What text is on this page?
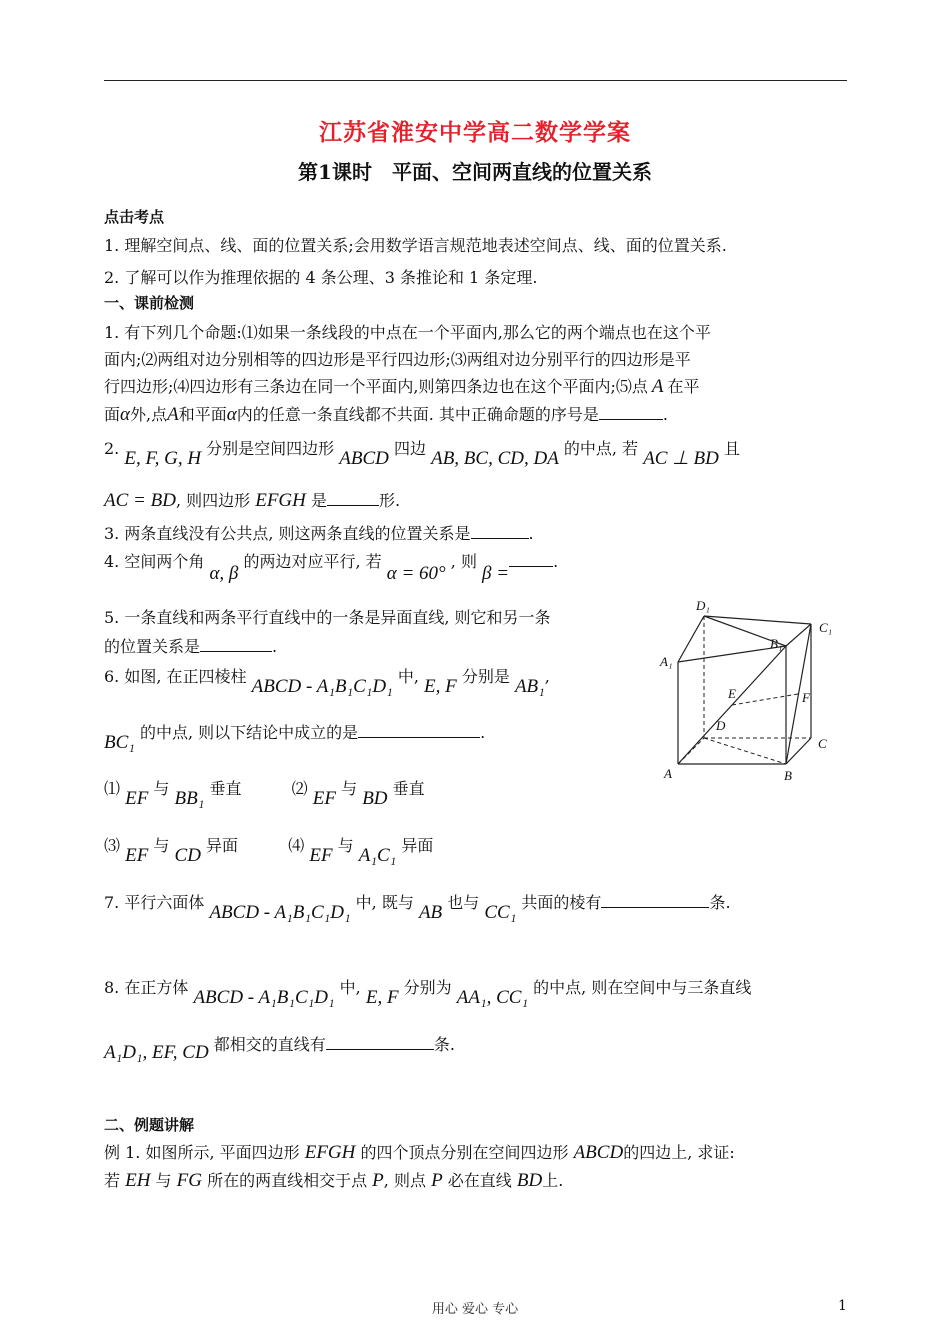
江苏省淮安中学高二数学学案
第1课时　平面、空间两直线的位置关系
点击考点
1. 理解空间点、线、面的位置关系;会用数学语言规范地表述空间点、线、面的位置关系.
2. 了解可以作为推理依据的 4 条公理、3 条推论和 1 条定理.
一、课前检测
1. 有下列几个命题:⑴如果一条线段的中点在一个平面内,那么它的两个端点也在这个平
面内;⑵两组对边分别相等的四边形是平行四边形;⑶两组对边分别平行的四边形是平
行四边形;⑷四边形有三条边在同一个平面内,则第四条边也在这个平面内;⑸点 A 在平
面α外,点A和平面α内的任意一条直线都不共面. 其中正确命题的序号是	.
2. E, F, G, H 分别是空间四边形 ABCD 四边 AB, BC, CD, DA 的中点, 若 AC ⊥ BD 且
AC = BD, 则四边形 EFGH 是	形.
3. 两条直线没有公共点, 则这两条直线的位置关系是	.
4. 空间两个角 α, β 的两边对应平行, 若 α = 60° , 则 β =.
5. 一条直线和两条平行直线中的一条是异面直线, 则它和另一条
的位置关系是	.
6. 如图, 在正四棱柱 ABCD - A₁B₁C₁D₁ 中, E, F 分别是 AB₁,
BC₁ 的中点, 则以下结论中成立的是	.
⑴ EF 与 BB₁ 垂直	⑵ EF 与 BD 垂直
⑶ EF 与 CD 异面	⑷ EF 与 A₁C₁ 异面
A	B
C
D
A₁
B₁
C₁
D₁
E	F
7. 平行六面体 ABCD - A₁B₁C₁D₁ 中, 既与 AB 也与 CC₁ 共面的棱有	条.
8. 在正方体 ABCD - A₁B₁C₁D₁ 中, E, F 分别为 AA₁, CC₁ 的中点, 则在空间中与三条直线
A₁D₁, EF, CD 都相交的直线有	条.
二、例题讲解
例 1. 如图所示, 平面四边形 EFGH 的四个顶点分别在空间四边形 ABCD的四边上, 求证:
若 EH 与 FG 所在的两直线相交于点 P, 则点 P 必在直线 BD上.
用心 爱心 专心	1
